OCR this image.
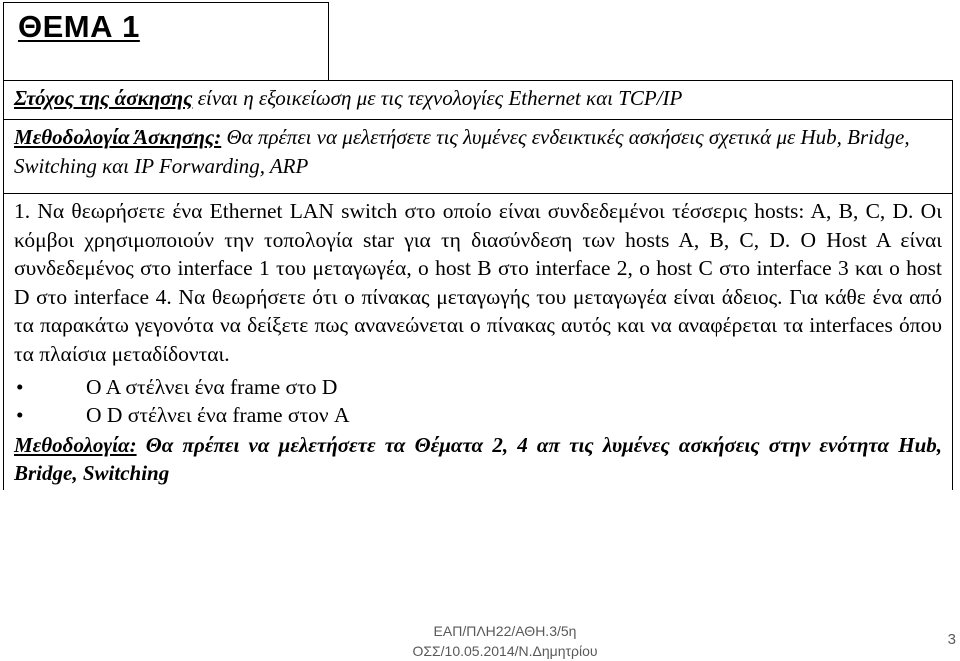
ΘΕΜΑ 1

Στόχος της άσκησης είναι η εξοικείωση με τις τεχνολογίες Ethernet και TCP/IP

Μεθοδολογία Άσκησης: Θα πρέπει να μελετήσετε τις λυμένες ενδεικτικές ασκήσεις σχετικά με Hub, Bridge, Switching και IP Forwarding, ARP

1. Να θεωρήσετε ένα Ethernet LAN switch στο οποίο είναι συνδεδεμένοι τέσσερις hosts: A, B, C, D. Οι κόμβοι χρησιμοποιούν την τοπολογία star για τη διασύνδεση των hosts A, B, C, D. O Host A είναι συνδεδεμένος στο interface 1 του μεταγωγέα, ο host B στο interface 2, ο host C στο interface 3 και ο host D στο interface 4. Να θεωρήσετε ότι ο πίνακας μεταγωγής του μεταγωγέα είναι άδειος. Για κάθε ένα από τα παρακάτω γεγονότα να δείξετε πως ανανεώνεται ο πίνακας αυτός και να αναφέρεται τα interfaces όπου τα πλαίσια μεταδίδονται.

•	O A στέλνει ένα frame στο D
•	O D στέλνει ένα frame στον A

Μεθοδολογία: Θα πρέπει να μελετήσετε τα Θέματα 2, 4 απ τις λυμένες ασκήσεις στην ενότητα Hub, Bridge, Switching

ΕΑΠ/ΠΛΗ22/ΑΘΗ.3/5η
ΟΣΣ/10.05.2014/Ν.Δημητρίου
3
